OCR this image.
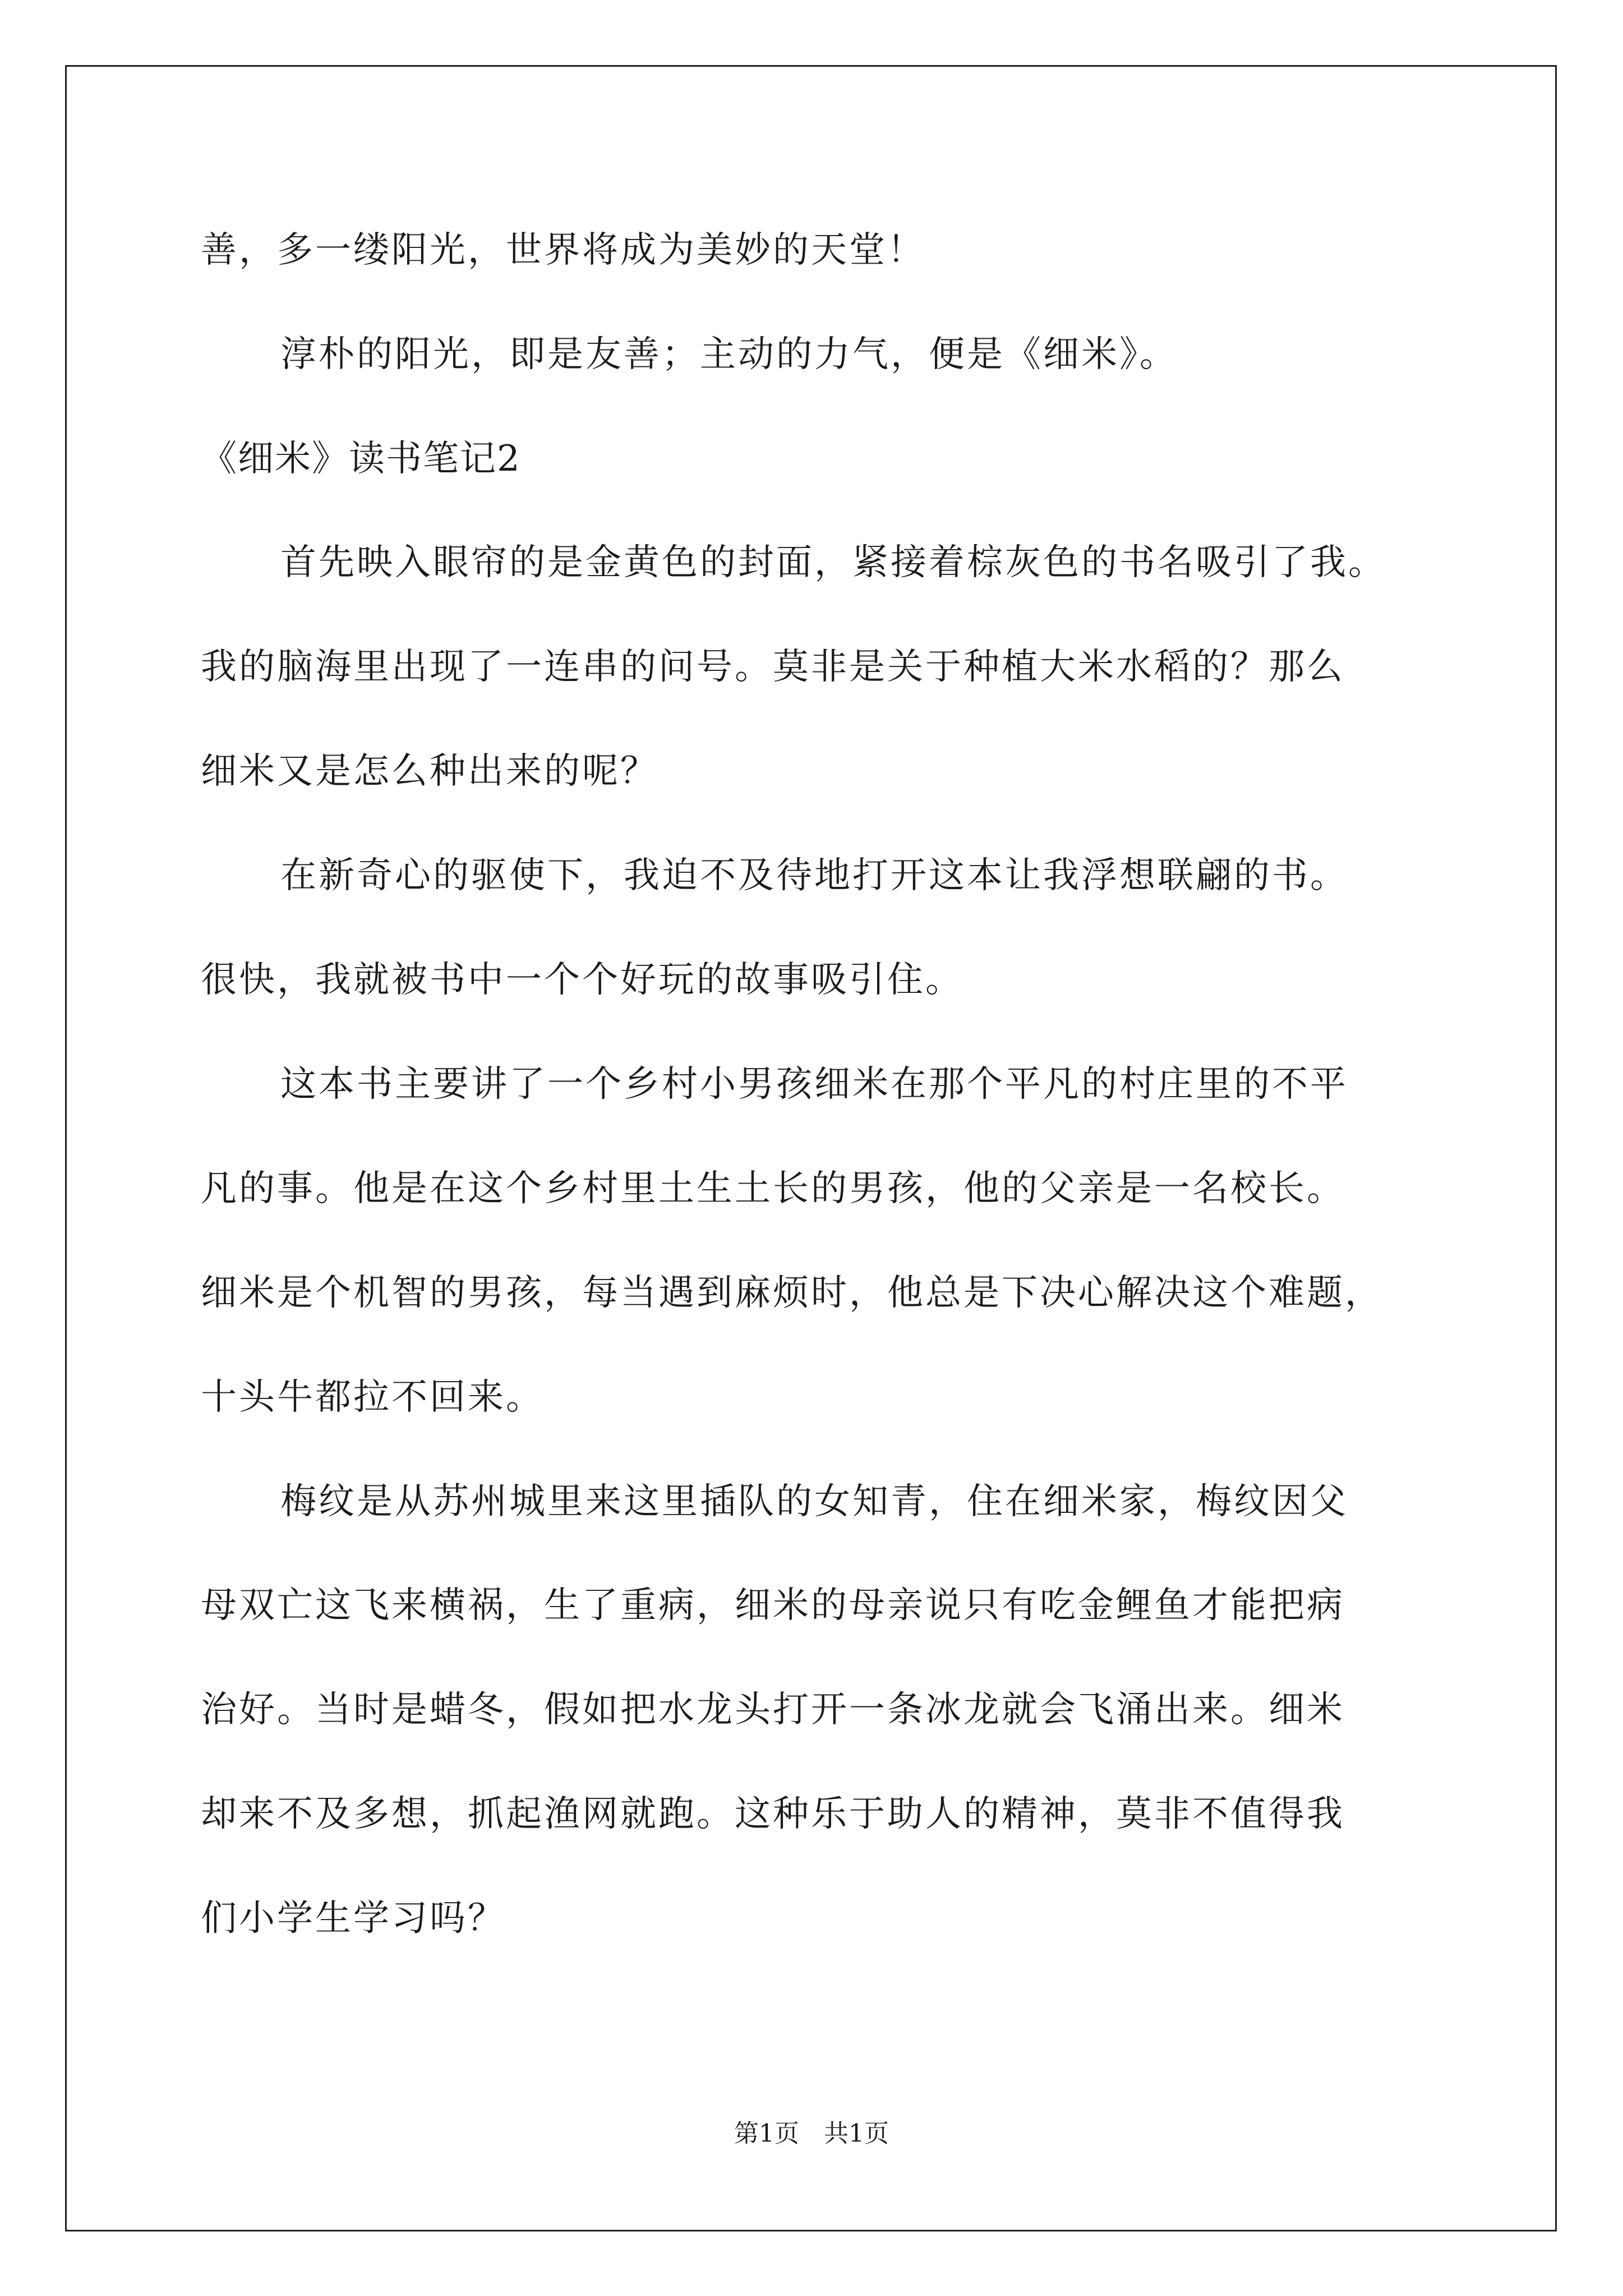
善，多一缕阳光，世界将成为美妙的天堂！
淳朴的阳光，即是友善；主动的力气，便是《细米》。
《细米》读书笔记2
首先映入眼帘的是金黄色的封面，紧接着棕灰色的书名吸引了我。
我的脑海里出现了一连串的问号。莫非是关于种植大米水稻的？那么
细米又是怎么种出来的呢？
在新奇心的驱使下，我迫不及待地打开这本让我浮想联翩的书。
很快，我就被书中一个个好玩的故事吸引住。
这本书主要讲了一个乡村小男孩细米在那个平凡的村庄里的不平
凡的事。他是在这个乡村里土生土长的男孩，他的父亲是一名校长。
细米是个机智的男孩，每当遇到麻烦时，他总是下决心解决这个难题，
十头牛都拉不回来。
梅纹是从苏州城里来这里插队的女知青，住在细米家，梅纹因父
母双亡这飞来横祸，生了重病，细米的母亲说只有吃金鲤鱼才能把病
治好。当时是蜡冬，假如把水龙头打开一条冰龙就会飞涌出来。细米
却来不及多想，抓起渔网就跑。这种乐于助人的精神，莫非不值得我
们小学生学习吗？
第1页　共1页
